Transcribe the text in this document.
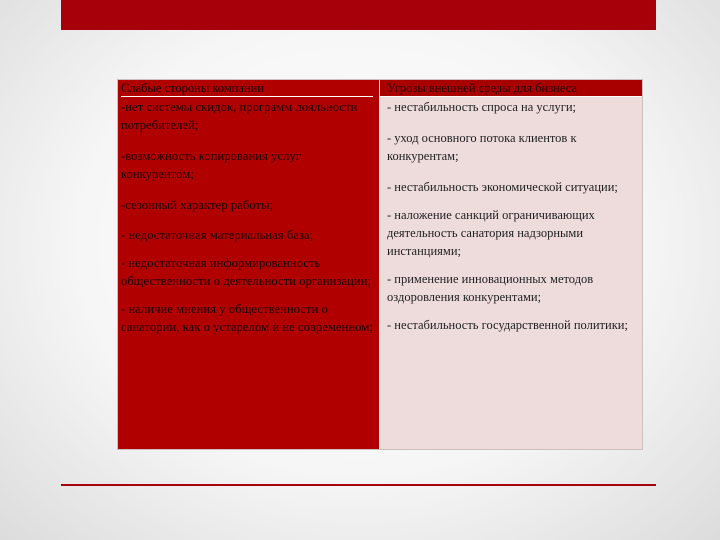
Слабые стороны компании

-нет системы скидок, программ лояльности потребителей;

-возможность копирования услуг конкурентом;

-сезонный характер работы;

- недостаточная материальная база;

- недостаточная информированность общественности о деятельности организации;

- наличие мнения у общественности о санатории, как о устарелом и не современном;

Угрозы внешней среды для бизнеса

- нестабильность спроса на услуги;

- уход основного потока клиентов к конкурентам;

- нестабильность экономической ситуации;

- наложение санкций ограничивающих деятельность санатория надзорными инстанциями;

- применение инновационных методов оздоровления конкурентами;

- нестабильность государственной политики;
